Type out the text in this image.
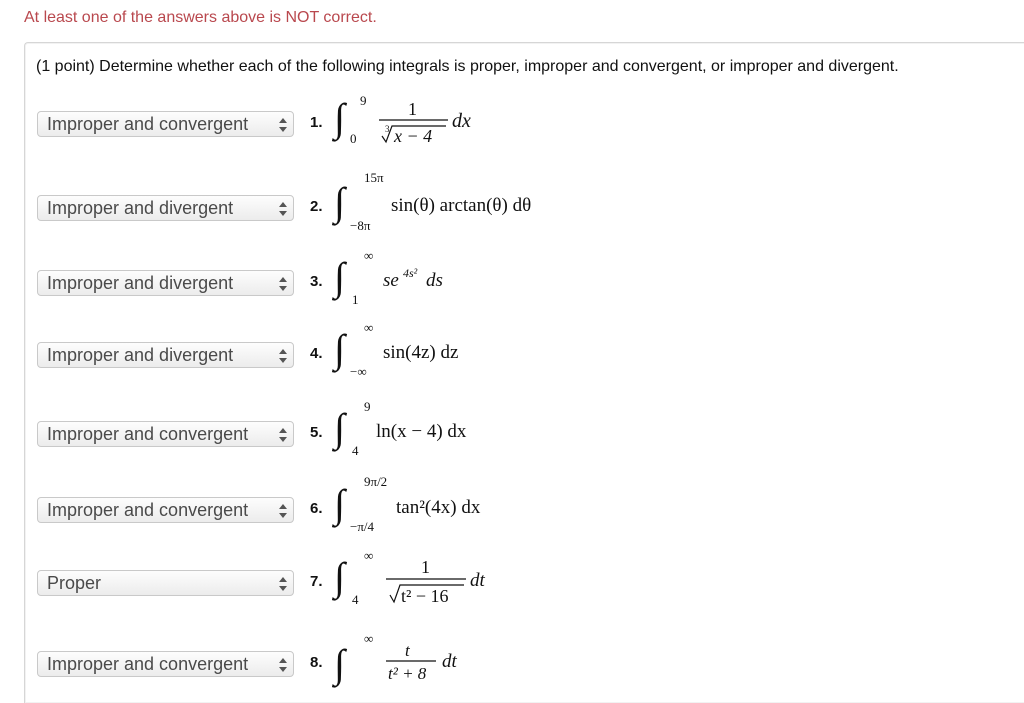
At least one of the answers above is NOT correct.
(1 point) Determine whether each of the following integrals is proper, improper and convergent, or improper and divergent.
Improper and convergent	1. ∫ 9
0
1
3 x − 4
dx
Improper and divergent	2. ∫
15π
−8π
sin(θ) arctan(θ) dθ
Improper and divergent	3. ∫ ∞
1
se 4s² ds
Improper and divergent	4. ∫ ∞
−∞
sin(4z) dz
Improper and convergent	5. ∫ 9
4
ln(x − 4) dx
Improper and convergent	6. ∫ 9π/2
−π/4
tan²(4x) dx
Proper	7. ∫ ∞
4
1
t² − 16
dt
Improper and convergent	8. ∫
∞
t
t² + 8
dt
